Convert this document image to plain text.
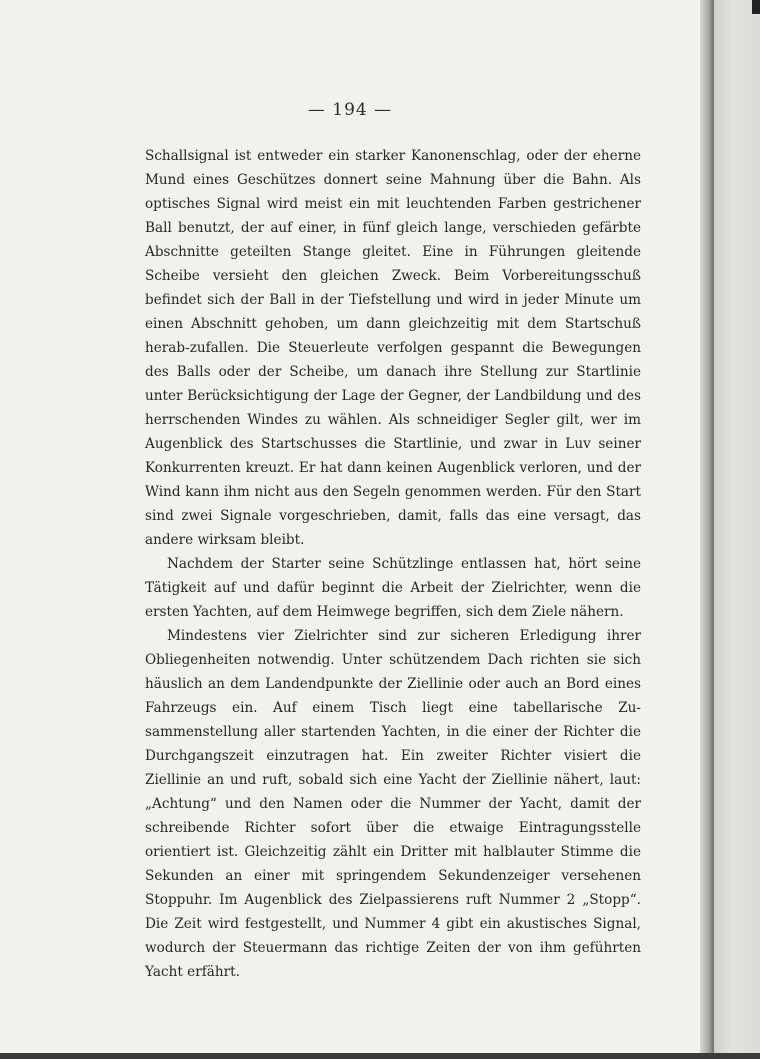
— 194 —

Schallsignal ist entweder ein starker Kanonenschlag, oder der eherne Mund eines Geschützes donnert seine Mahnung über die Bahn. Als optisches Signal wird meist ein mit leuchtenden Farben gestrichener Ball benutzt, der auf einer, in fünf gleich lange, verschieden gefärbte Abschnitte geteilten Stange gleitet. Eine in Führungen gleitende Scheibe versieht den gleichen Zweck. Beim Vorbereitungsschuß befindet sich der Ball in der Tiefstellung und wird in jeder Minute um einen Abschnitt gehoben, um dann gleichzeitig mit dem Startschuß herab-zufallen. Die Steuerleute verfolgen gespannt die Bewegungen des Balls oder der Scheibe, um danach ihre Stellung zur Startlinie unter Berücksichtigung der Lage der Gegner, der Landbildung und des herrschenden Windes zu wählen. Als schneidiger Segler gilt, wer im Augenblick des Startschusses die Startlinie, und zwar in Luv seiner Konkurrenten kreuzt. Er hat dann keinen Augenblick verloren, und der Wind kann ihm nicht aus den Segeln genommen werden. Für den Start sind zwei Signale vorgeschrieben, damit, falls das eine versagt, das andere wirksam bleibt.

Nachdem der Starter seine Schützlinge entlassen hat, hört seine Tätigkeit auf und dafür beginnt die Arbeit der Zielrichter, wenn die ersten Yachten, auf dem Heimwege begriffen, sich dem Ziele nähern.

Mindestens vier Zielrichter sind zur sicheren Erledigung ihrer Obliegenheiten notwendig. Unter schützendem Dach richten sie sich häuslich an dem Landendpunkte der Ziellinie oder auch an Bord eines Fahrzeugs ein. Auf einem Tisch liegt eine tabellarische Zu-sammenstellung aller startenden Yachten, in die einer der Richter die Durchgangszeit einzutragen hat. Ein zweiter Richter visiert die Ziellinie an und ruft, sobald sich eine Yacht der Ziellinie nähert, laut: „Achtung“ und den Namen oder die Nummer der Yacht, damit der schreibende Richter sofort über die etwaige Eintragungsstelle orientiert ist. Gleichzeitig zählt ein Dritter mit halblauter Stimme die Sekunden an einer mit springendem Sekundenzeiger versehenen Stoppuhr. Im Augenblick des Zielpassierens ruft Nummer 2 „Stopp“. Die Zeit wird festgestellt, und Nummer 4 gibt ein akustisches Signal, wodurch der Steuermann das richtige Zeiten der von ihm geführten Yacht erfährt.
